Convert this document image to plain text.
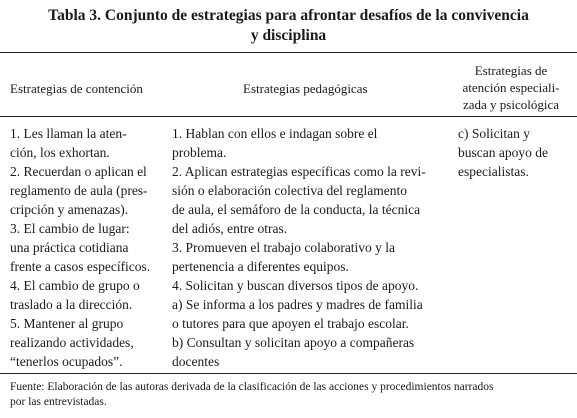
Tabla 3. Conjunto de estrategias para afrontar desafíos de la convivencia
y disciplina
Estrategias de contención	Estrategias pedagógicas
Estrategias de
atención especiali-
zada y psicológica
1. Les llaman la aten-
ción, los exhortan.
2. Recuerdan o aplican el
reglamento de aula (pres-
cripción y amenazas).
3. El cambio de lugar:
una práctica cotidiana
frente a casos específicos.
4. El cambio de grupo o
traslado a la dirección.
5. Mantener al grupo
realizando actividades,
“tenerlos ocupados”.
1. Hablan con ellos e indagan sobre el
problema.
2. Aplican estrategias específicas como la revi-
sión o elaboración colectiva del reglamento
de aula, el semáforo de la conducta, la técnica
del adiós, entre otras.
3. Promueven el trabajo colaborativo y la
pertenencia a diferentes equipos.
4. Solicitan y buscan diversos tipos de apoyo.
a) Se informa a los padres y madres de familia
o tutores para que apoyen el trabajo escolar.
b) Consultan y solicitan apoyo a compañeras
docentes
c) Solicitan y
buscan apoyo de
especialistas.
Fuente: Elaboración de las autoras derivada de la clasificación de las acciones y procedimientos narrados
por las entrevistadas.
